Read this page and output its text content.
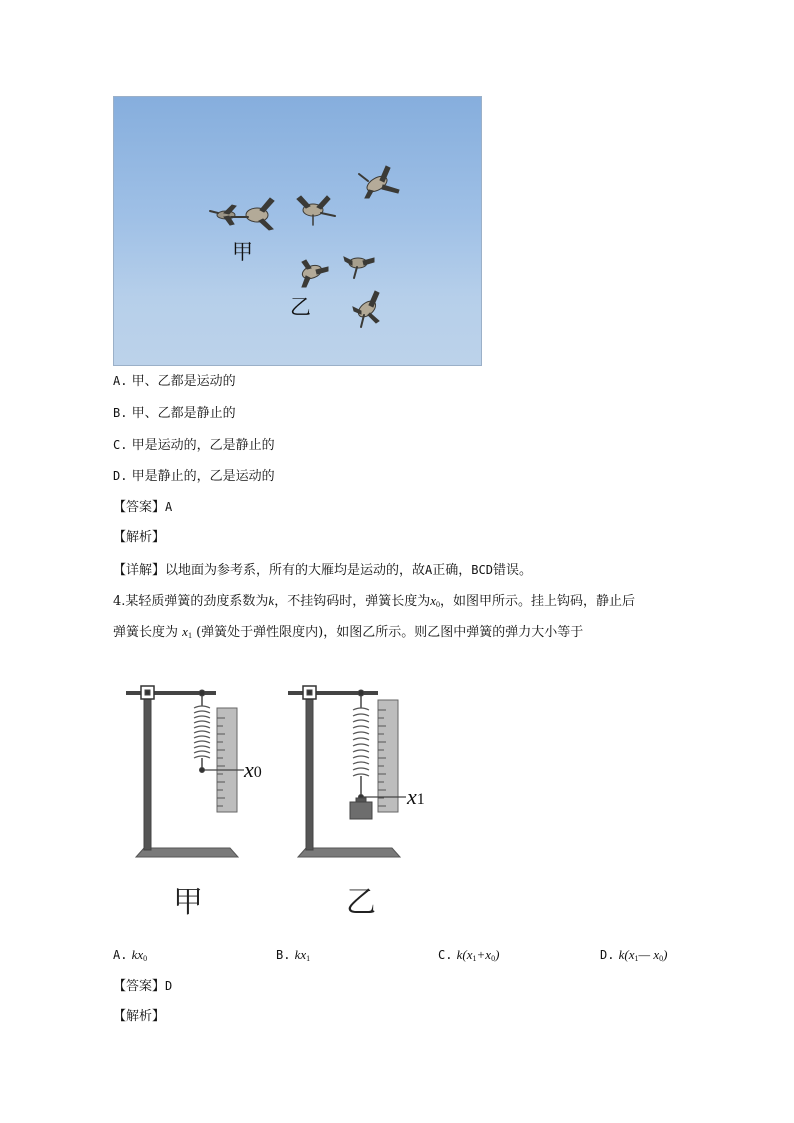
甲
乙
A. 甲、乙都是运动的
B. 甲、乙都是静止的
C. 甲是运动的，乙是静止的
D. 甲是静止的，乙是运动的
【答案】A
【解析】
【详解】以地面为参考系，所有的大雁均是运动的，故A正确，BCD错误。
4.某轻质弹簧的劲度系数为k，不挂钩码时，弹簧长度为$x_0$，如图甲所示。挂上钩码，静止后
弹簧长度为 $x_1$ (弹簧处于弹性限度内)，如图乙所示。则乙图中弹簧的弹力大小等于
x0
x1
甲	乙
A. $kx_0$	B. $kx_1$	C. $k(x_1+x_0)$	D. $k(x_1—$ $x_0$)
【答案】D
【解析】
